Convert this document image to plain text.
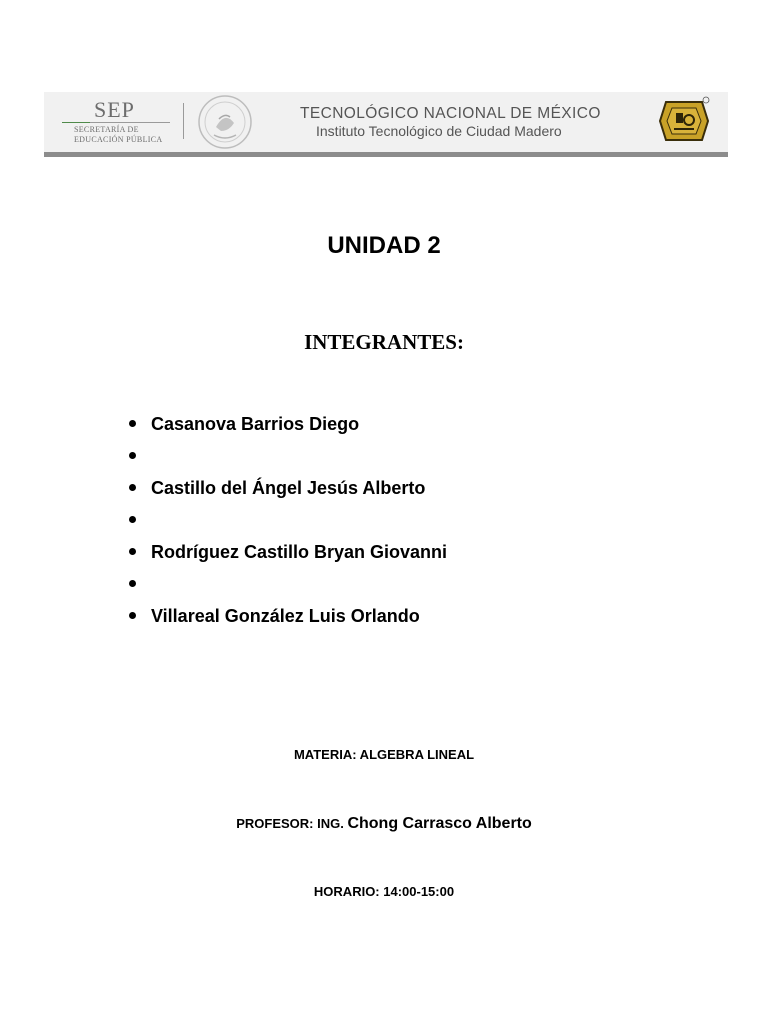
SEP
SECRETARÍA DE
EDUCACIÓN PÚBLICA
TECNOLÓGICO NACIONAL DE MÉXICO
Instituto Tecnológico de Ciudad Madero
UNIDAD 2
INTEGRANTES:
Casanova Barrios Diego
Castillo del Ángel Jesús Alberto
Rodríguez Castillo Bryan Giovanni
Villareal González Luis Orlando
MATERIA: ALGEBRA LINEAL
PROFESOR: ING. Chong Carrasco Alberto
HORARIO: 14:00-15:00
